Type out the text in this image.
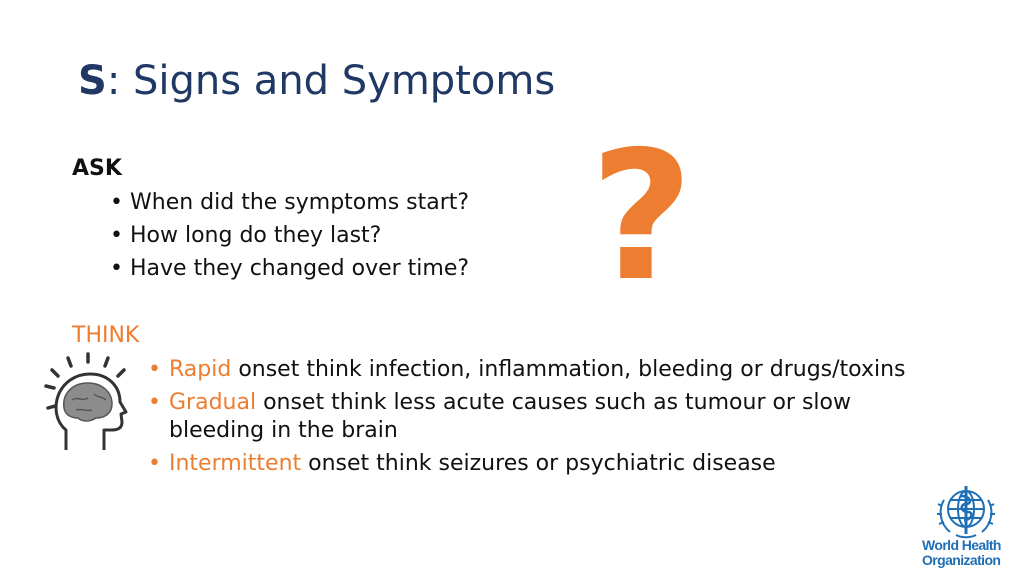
S: Signs and Symptoms
ASK
• When did the symptoms start?
• How long do they last?
• Have they changed over time? ?
THINK
• Rapid onset think infection, inflammation, bleeding or drugs/toxins
• Gradual onset think less acute causes such as tumour or slow bleeding in the brain
• Intermittent onset think seizures or psychiatric disease
World Health
Organization
